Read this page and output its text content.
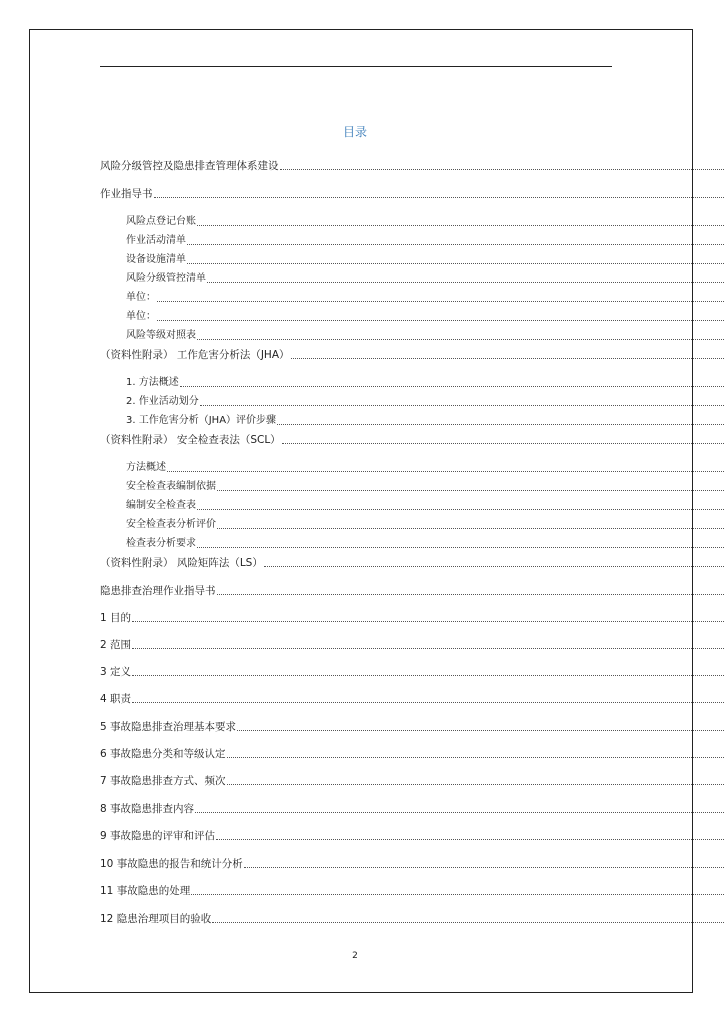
目录
风险分级管控及隐患排查管理体系建设
作业指导书
风险点登记台账
作业活动清单
设备设施清单
风险分级管控清单
单位：
单位：
风险等级对照表
（资料性附录） 工作危害分析法（JHA）
1. 方法概述
2. 作业活动划分
3. 工作危害分析（JHA）评价步骤
（资料性附录） 安全检查表法（SCL）
方法概述
安全检查表编制依据
编制安全检查表
安全检查表分析评价
检查表分析要求
（资料性附录） 风险矩阵法（LS）
隐患排查治理作业指导书
1 目的
2 范围
3 定义
4 职责
5 事故隐患排查治理基本要求
6 事故隐患分类和等级认定
7 事故隐患排查方式、频次
8 事故隐患排查内容
9 事故隐患的评审和评估
10 事故隐患的报告和统计分析
11 事故隐患的处理
12 隐患治理项目的验收
2
